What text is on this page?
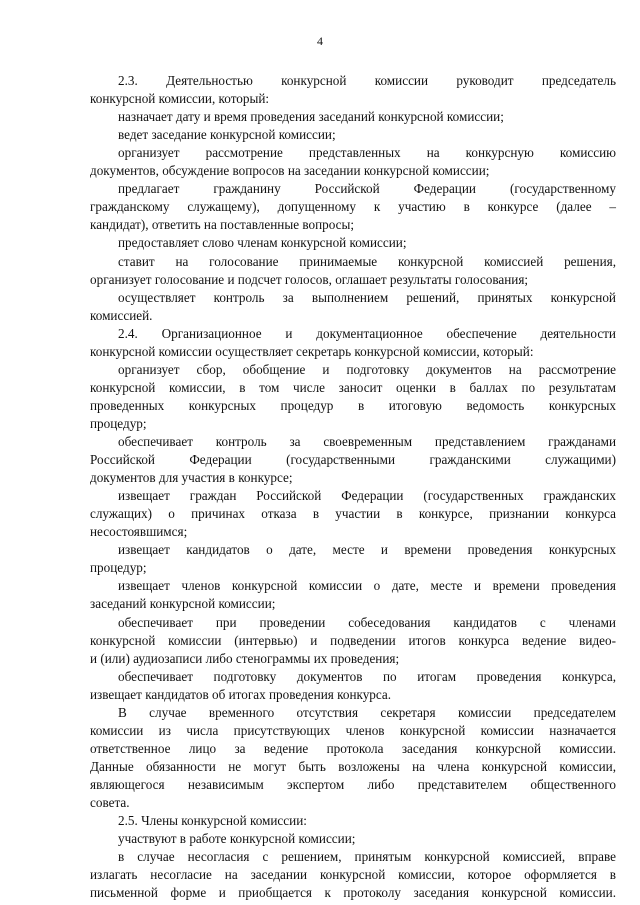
4
2.3. Деятельностью конкурсной комиссии руководит председатель
конкурсной комиссии, который:
назначает дату и время проведения заседаний конкурсной комиссии;
ведет заседание конкурсной комиссии;
организует рассмотрение представленных на конкурсную комиссию
документов, обсуждение вопросов на заседании конкурсной комиссии;
предлагает гражданину Российской Федерации (государственному
гражданскому служащему), допущенному к участию в конкурсе (далее –
кандидат), ответить на поставленные вопросы;
предоставляет слово членам конкурсной комиссии;
ставит на голосование принимаемые конкурсной комиссией решения,
организует голосование и подсчет голосов, оглашает результаты голосования;
осуществляет контроль за выполнением решений, принятых конкурсной
комиссией.
2.4. Организационное и документационное обеспечение деятельности
конкурсной комиссии осуществляет секретарь конкурсной комиссии, который:
организует сбор, обобщение и подготовку документов на рассмотрение
конкурсной комиссии, в том числе заносит оценки в баллах по результатам
проведенных конкурсных процедур в итоговую ведомость конкурсных
процедур;
обеспечивает контроль за своевременным представлением гражданами
Российской Федерации (государственными гражданскими служащими)
документов для участия в конкурсе;
извещает граждан Российской Федерации (государственных гражданских
служащих) о причинах отказа в участии в конкурсе, признании конкурса
несостоявшимся;
извещает кандидатов о дате, месте и времени проведения конкурсных
процедур;
извещает членов конкурсной комиссии о дате, месте и времени проведения
заседаний конкурсной комиссии;
обеспечивает при проведении собеседования кандидатов с членами
конкурсной комиссии (интервью) и подведении итогов конкурса ведение видео-
и (или) аудиозаписи либо стенограммы их проведения;
обеспечивает подготовку документов по итогам проведения конкурса,
извещает кандидатов об итогах проведения конкурса.
В случае временного отсутствия секретаря комиссии председателем
комиссии из числа присутствующих членов конкурсной комиссии назначается
ответственное лицо за ведение протокола заседания конкурсной комиссии.
Данные обязанности не могут быть возложены на члена конкурсной комиссии,
являющегося независимым экспертом либо представителем общественного
совета.
2.5. Члены конкурсной комиссии:
участвуют в работе конкурсной комиссии;
в случае несогласия с решением, принятым конкурсной комиссией, вправе
излагать несогласие на заседании конкурсной комиссии, которое оформляется в
письменной форме и приобщается к протоколу заседания конкурсной комиссии.
